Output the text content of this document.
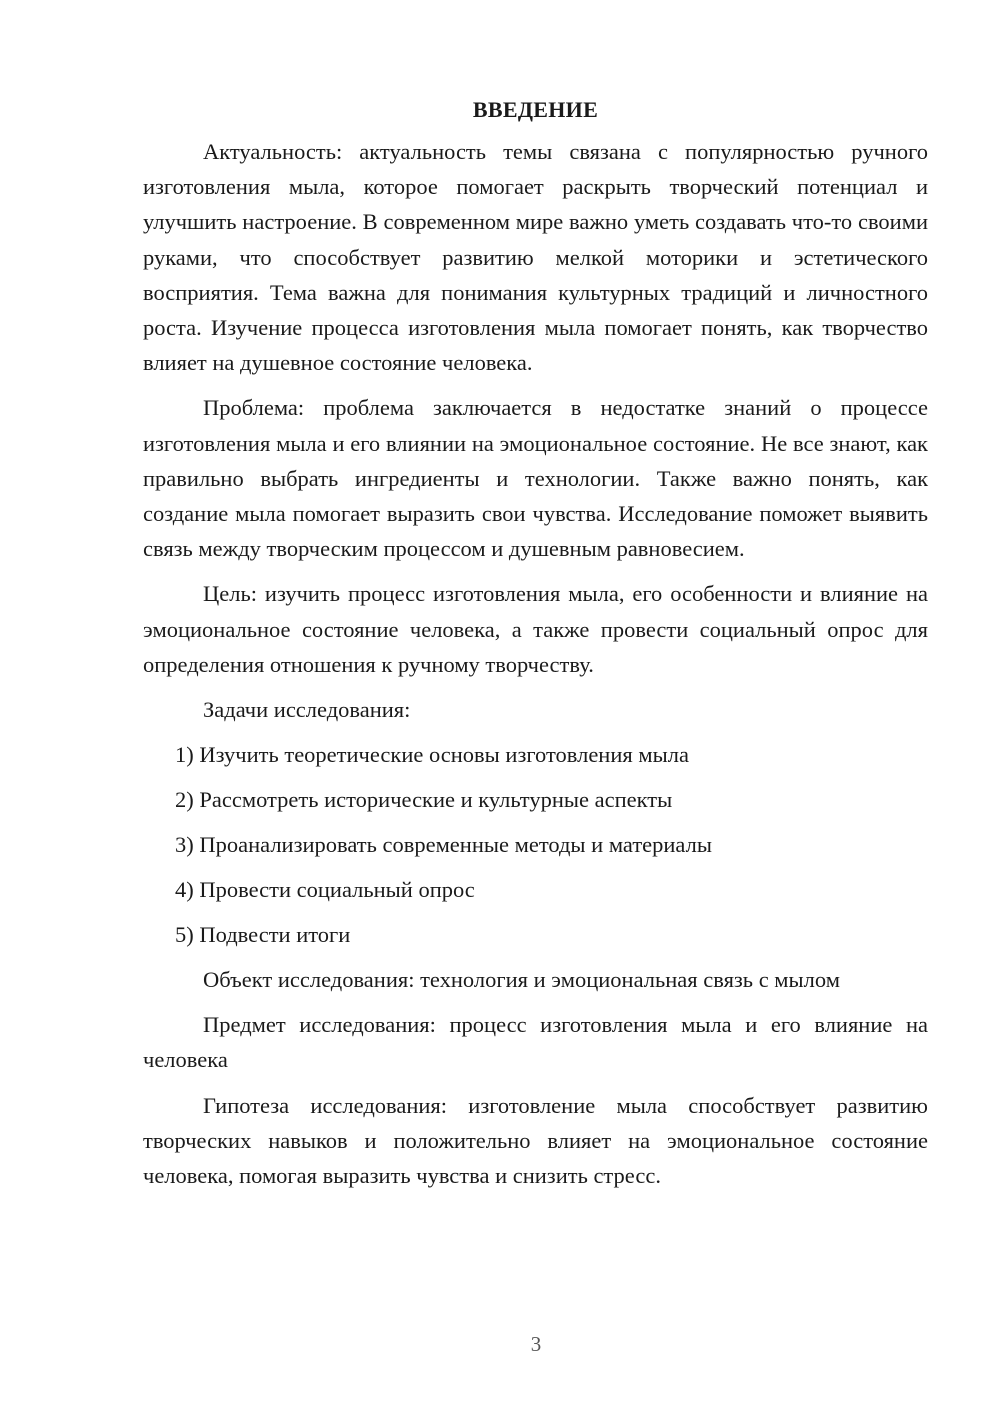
ВВЕДЕНИЕ

Актуальность: актуальность темы связана с популярностью ручного изготовления мыла, которое помогает раскрыть творческий потенциал и улучшить настроение. В современном мире важно уметь создавать что-то своими руками, что способствует развитию мелкой моторики и эстетического восприятия. Тема важна для понимания культурных традиций и личностного роста. Изучение процесса изготовления мыла помогает понять, как творчество влияет на душевное состояние человека.

Проблема: проблема заключается в недостатке знаний о процессе изготовления мыла и его влиянии на эмоциональное состояние. Не все знают, как правильно выбрать ингредиенты и технологии. Также важно понять, как создание мыла помогает выразить свои чувства. Исследование поможет выявить связь между творческим процессом и душевным равновесием.

Цель: изучить процесс изготовления мыла, его особенности и влияние на эмоциональное состояние человека, а также провести социальный опрос для определения отношения к ручному творчеству.

Задачи исследования:

1) Изучить теоретические основы изготовления мыла
2) Рассмотреть исторические и культурные аспекты
3) Проанализировать современные методы и материалы
4) Провести социальный опрос
5) Подвести итоги

Объект исследования: технология и эмоциональная связь с мылом

Предмет исследования: процесс изготовления мыла и его влияние на человека

Гипотеза исследования: изготовление мыла способствует развитию творческих навыков и положительно влияет на эмоциональное состояние человека, помогая выразить чувства и снизить стресс.

3
